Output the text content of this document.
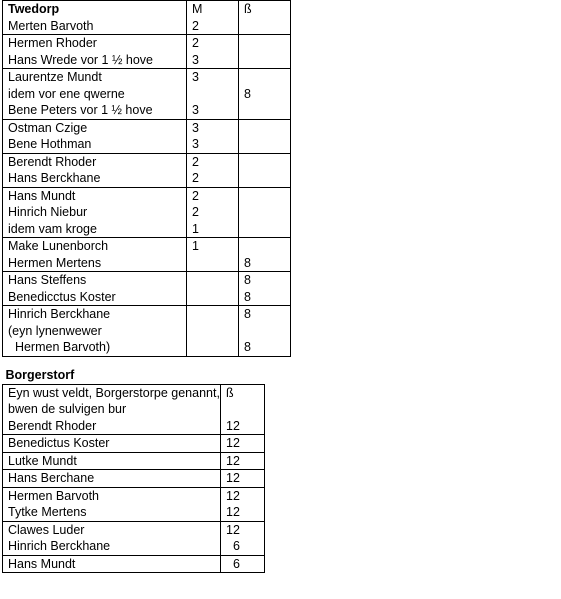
Twedorp	M	ß
Merten Barvoth	2	
Hermen Rhoder	2	
Hans Wrede vor 1 ½ hove	3	
Laurentze Mundt	3	
idem vor ene qwerne		8
Bene Peters vor 1 ½ hove	3	
Ostman Czige	3	
Bene Hothman	3	
Berendt Rhoder	2	
Hans Berckhane	2	
Hans Mundt	2	
Hinrich Niebur	2	
idem vam kroge	1	
Make Lunenborch	1	
Hermen Mertens		8
Hans Steffens		8
Benedicctus Koster		8
Hinrich Berckhane		8
(eyn lynenwewer		
Hermen Barvoth)		8
Borgerstorf	
Eyn wust veldt, Borgerstorpe genannt,	ß
bwen de sulvigen bur	
Berendt Rhoder	12
Benedictus Koster	12
Lutke Mundt	12
Hans Berchane	12
Hermen Barvoth	12
Tytke Mertens	12
Clawes Luder	12
Hinrich Berckhane	6
Hans Mundt	6
